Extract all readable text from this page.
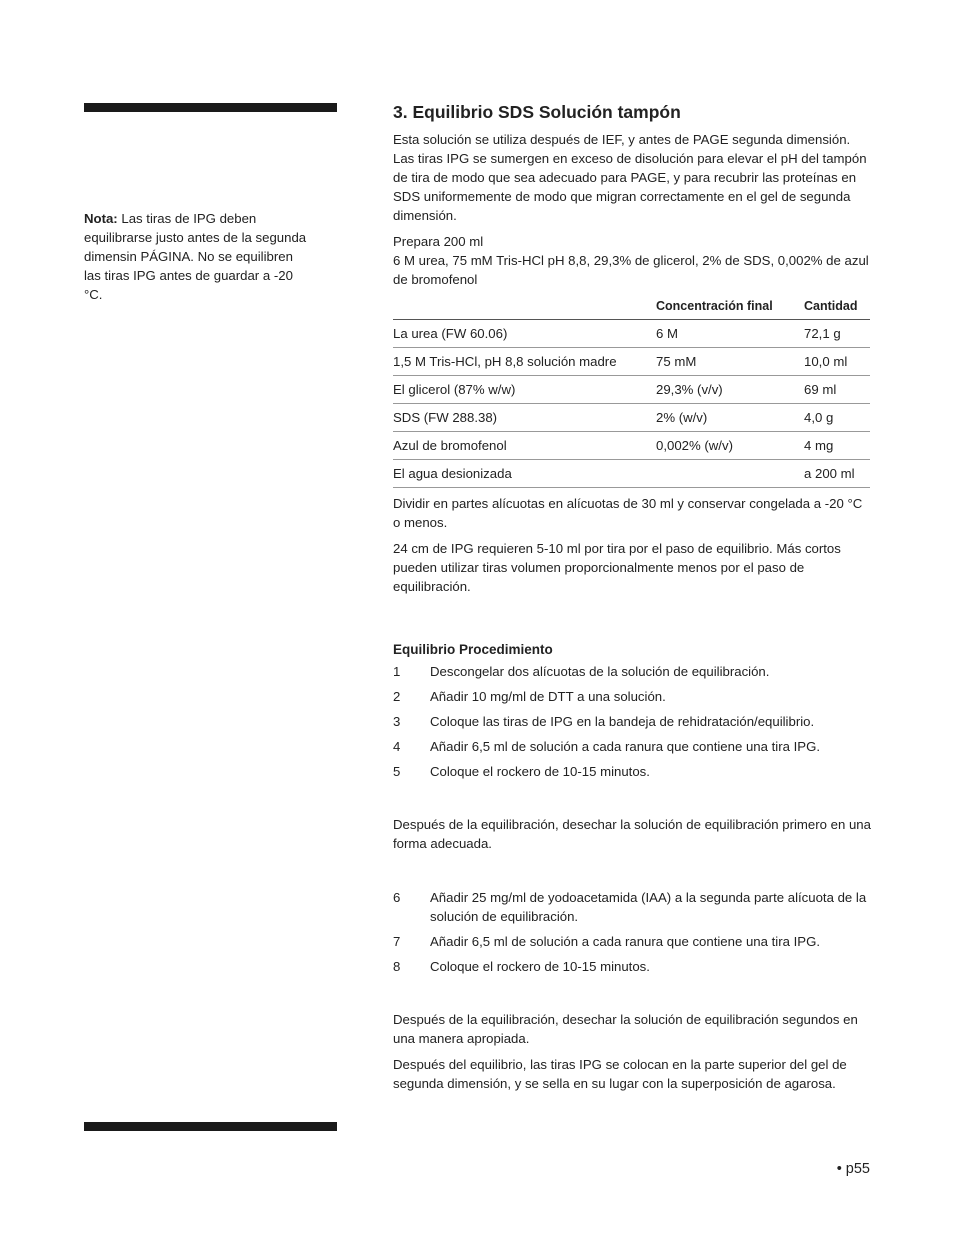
Nota: Las tiras de IPG deben equilibrarse justo antes de la segunda dimensin PÁGINA. No se equilibren las tiras IPG antes de guardar a -20 °C.
3. Equilibrio SDS Solución tampón

Esta solución se utiliza después de IEF, y antes de PAGE segunda dimensión. Las tiras IPG se sumergen en exceso de disolución para elevar el pH del tampón de tira de modo que sea adecuado para PAGE, y para recubrir las proteínas en SDS uniformemente de modo que migran correctamente en el gel de segunda dimensión.

Prepara 200 ml
6 M urea, 75 mM Tris-HCl pH 8,8, 29,3% de glicerol, 2% de SDS, 0,002% de azul de bromofenol

	Concentración final	Cantidad
La urea (FW 60.06)	6 M	72,1 g
1,5 M Tris-HCl, pH 8,8 solución madre	75 mM	10,0 ml
El glicerol (87% w/w)	29,3% (v/v)	69 ml
SDS (FW 288.38)	2% (w/v)	4,0 g
Azul de bromofenol	0,002% (w/v)	4 mg
El agua desionizada		a 200 ml

Dividir en partes alícuotas en alícuotas de 30 ml y conservar congelada a -20 °C o menos.

24 cm de IPG requieren 5-10 ml por tira por el paso de equilibrio. Más cortos pueden utilizar tiras volumen proporcionalmente menos por el paso de equilibración.

Equilibrio Procedimiento
1	Descongelar dos alícuotas de la solución de equilibración.
2	Añadir 10 mg/ml de DTT a una solución.
3	Coloque las tiras de IPG en la bandeja de rehidratación/equilibrio.
4	Añadir 6,5 ml de solución a cada ranura que contiene una tira IPG.
5	Coloque el rockero de 10-15 minutos.

Después de la equilibración, desechar la solución de equilibración primero en una forma adecuada.

6	Añadir 25 mg/ml de yodoacetamida (IAA) a la segunda parte alícuota de la solución de equilibración.
7	Añadir 6,5 ml de solución a cada ranura que contiene una tira IPG.
8	Coloque el rockero de 10-15 minutos.

Después de la equilibración, desechar la solución de equilibración segundos en una manera apropiada.

Después del equilibrio, las tiras IPG se colocan en la parte superior del gel de segunda dimensión, y se sella en su lugar con la superposición de agarosa.

• p55
